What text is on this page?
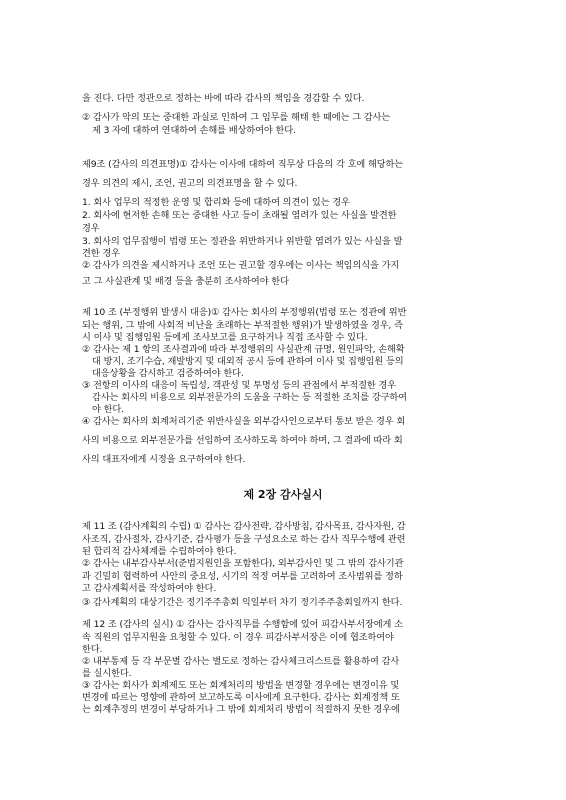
을 진다. 다만 정관으로 정하는 바에 따라 감사의 책임을 경감할 수 있다.
② 감사가 악의 또는 중대한 과실로 인하여 그 임무를 해태 한 때에는 그 감사는
제 3 자에 대하여 연대하여 손해를 배상하여야 한다.
제9조 (감사의 의견표명)① 감사는 이사에 대하여 직무상 다음의 각 호에 해당하는
경우 의견의 제시, 조언, 권고의 의견표명을 할 수 있다.
1. 회사 업무의 적정한 운영 및 합리화 등에 대하여 의견이 있는 경우
2. 회사에 현저한 손해 또는 중대한 사고 등이 초래될 염려가 있는 사실을 발견한
경우
3. 회사의 업무집행이 법령 또는 정관을 위반하거나 위반할 염려가 있는 사실을 발
견한 경우
② 감사가 의견을 제시하거나 조언 또는 권고할 경우에는 이사는 책임의식을 가지
고 그 사실관계 및 배경 등을 충분히 조사하여야 한다
제 10 조 (부정행위 발생시 대응)① 감사는 회사의 부정행위(법령 또는 정관에 위반
되는 행위, 그 밖에 사회적 비난을 초래하는 부적절한 행위)가 발생하였을 경우, 즉
시 이사 및 집행임원 등에게 조사보고를 요구하거나 직접 조사할 수 있다.
② 감사는 제 1 항의 조사결과에 따라 부정행위의 사실관계 규명, 원인파악, 손해확
대 방지, 조기수습, 재발방지 및 대외적 공시 등에 관하여 이사 및 집행임원 등의
대응상황을 감시하고 검증하여야 한다.
③ 전항의 이사의 대응이 독립성, 객관성 및 투명성 등의 관점에서 부적절한 경우
감사는 회사의 비용으로 외부전문가의 도움을 구하는 등 적절한 조치를 강구하여
야 한다.
④ 감사는 회사의 회계처리기준 위반사실을 외부감사인으로부터 통보 받은 경우 회
사의 비용으로 외부전문가를 선임하여 조사하도록 하여야 하며, 그 결과에 따라 회
사의 대표자에게 시정을 요구하여야 한다.
제 2장 감사실시
제 11 조 (감사계획의 수립) ① 감사는 감사전략, 감사방침, 감사목표, 감사자원, 감
사조직, 감사절차, 감사기준, 감사평가 등을 구성요소로 하는 감사 직무수행에 관련
된 합리적 감사체계를 수립하여야 한다.
② 감사는 내부감사부서(준법지원인을 포함한다), 외부감사인 및 그 밖의 감사기관
과 긴밀히 협력하여 사안의 중요성, 시기의 적정 여부를 고려하여 조사범위를 정하
고 감사계획서를 작성하여야 한다.
③ 감사계획의 대상기간은 정기주주총회 익일부터 차기 정기주주총회일까지 한다.
제 12 조 (감사의 실시) ① 감사는 감사직무를 수행함에 있어 피감사부서장에게 소
속 직원의 업무지원을 요청할 수 있다. 이 경우 피감사부서장은 이에 협조하여야
한다.
② 내부통제 등 각 부문별 감사는 별도로 정하는 감사체크리스트를 활용하여 감사
를 실시한다.
③ 감사는 회사가 회계제도 또는 회계처리의 방법을 변경할 경우에는 변경이유 및
변경에 따르는 영향에 관하여 보고하도록 이사에게 요구한다. 감사는 회계정책 또
는 회계추정의 변경이 부당하거나 그 밖에 회계처리 방법이 적절하지 못한 경우에
